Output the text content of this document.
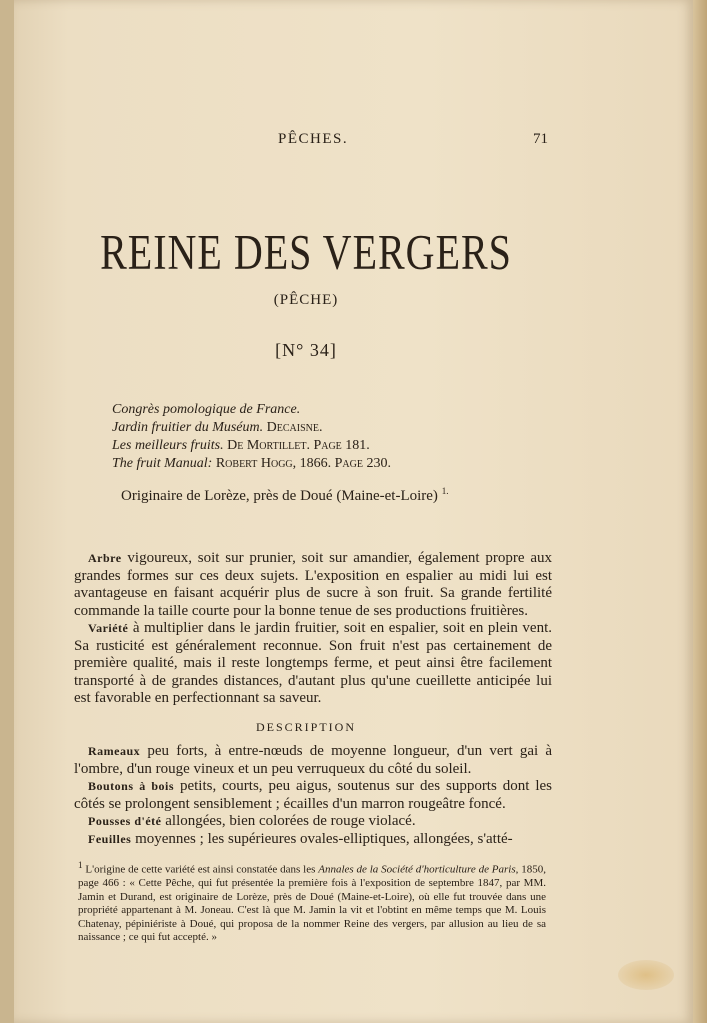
PÊCHES.	71
REINE DES VERGERS
(PÊCHE)
[N° 34]
Congrès pomologique de France.
Jardin fruitier du Muséum. Decaisne.
Les meilleurs fruits. De Mortillet. Page 181.
The fruit Manual: Robert Hogg, 1866. Page 230.
Originaire de Lorèze, près de Doué (Maine-et-Loire) $^{1.}$

Arbre vigoureux, soit sur prunier, soit sur amandier, également propre aux grandes formes sur ces deux sujets. L'exposition en espalier au midi lui est avantageuse en faisant acquérir plus de sucre à son fruit. Sa grande fertilité commande la taille courte pour la bonne tenue de ses productions fruitières.

Variété à multiplier dans le jardin fruitier, soit en espalier, soit en plein vent. Sa rusticité est généralement reconnue. Son fruit n'est pas certainement de première qualité, mais il reste longtemps ferme, et peut ainsi être facilement transporté à de grandes distances, d'autant plus qu'une cueillette anticipée lui est favorable en perfectionnant sa saveur.

DESCRIPTION

Rameaux peu forts, à entre-nœuds de moyenne longueur, d'un vert gai à l'ombre, d'un rouge vineux et un peu verruqueux du côté du soleil.

Boutons à bois petits, courts, peu aigus, soutenus sur des supports dont les côtés se prolongent sensiblement ; écailles d'un marron rougeâtre foncé.

Pousses d'été allongées, bien colorées de rouge violacé.

Feuilles moyennes ; les supérieures ovales-elliptiques, allongées, s'atté-

$^1$ L'origine de cette variété est ainsi constatée dans les Annales de la Société d'horticulture de Paris, 1850, page 466 : « Cette Pêche, qui fut présentée la première fois à l'exposition de septembre 1847, par MM. Jamin et Durand, est originaire de Lorèze, près de Doué (Maine-et-Loire), où elle fut trouvée dans une propriété appartenant à M. Joneau. C'est là que M. Jamin la vit et l'obtint en même temps que M. Louis Chatenay, pépiniériste à Doué, qui proposa de la nommer Reine des vergers, par allusion au lieu de sa naissance ; ce qui fut accepté. »
